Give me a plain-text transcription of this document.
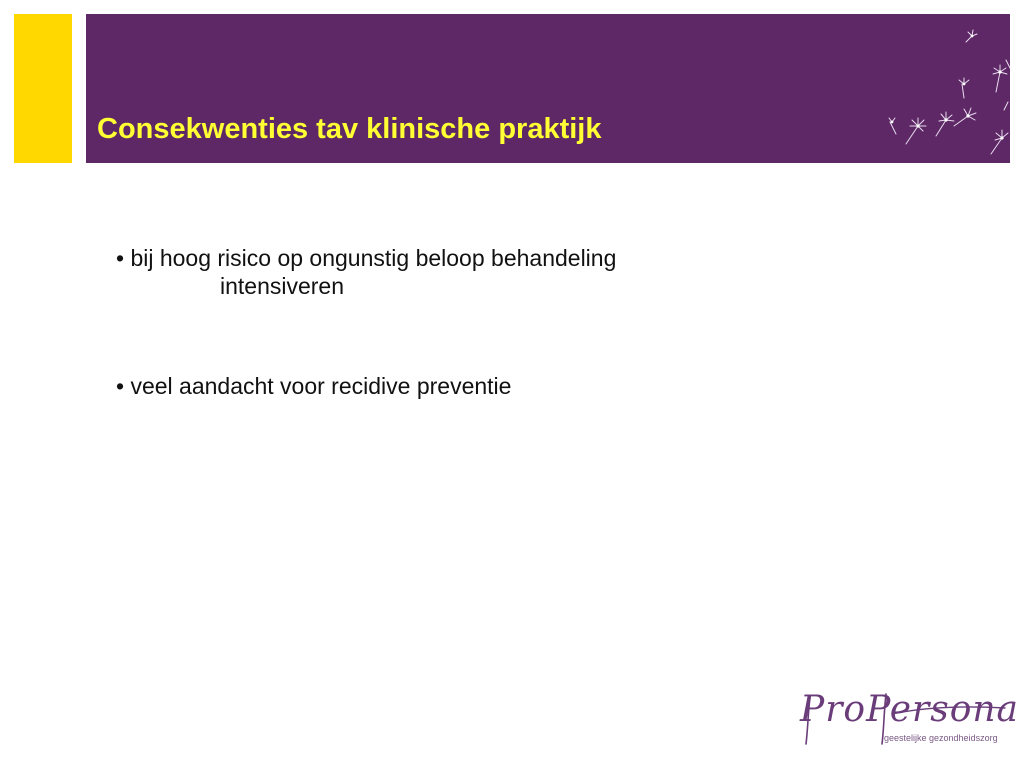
Consekwenties tav klinische praktijk

• bij hoog risico op ongunstig beloop behandeling
intensiveren

• veel aandacht voor recidive preventie

ProPersona
geestelijke gezondheidszorg
